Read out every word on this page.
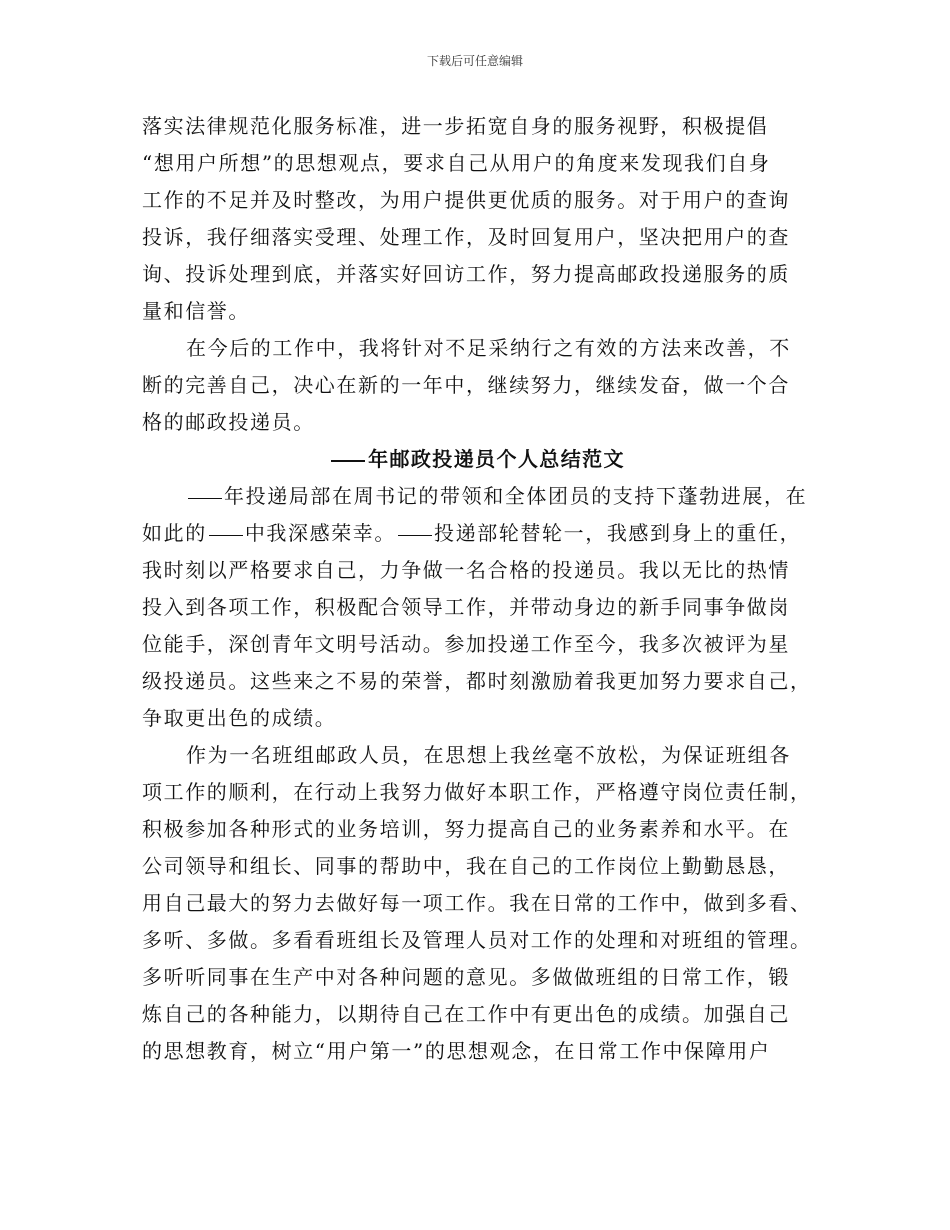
下载后可任意编辑
落实法律规范化服务标准，进一步拓宽自身的服务视野，积极提倡
“想用户所想”的思想观点，要求自己从用户的角度来发现我们自身
工作的不足并及时整改，为用户提供更优质的服务。对于用户的查询
投诉，我仔细落实受理、处理工作，及时回复用户，坚决把用户的查
询、投诉处理到底，并落实好回访工作，努力提高邮政投递服务的质
量和信誉。
在今后的工作中，我将针对不足采纳行之有效的方法来改善，不
断的完善自己，决心在新的一年中，继续努力，继续发奋，做一个合
格的邮政投递员。
年邮政投递员个人总结范文
年投递局部在周书记的带领和全体团员的支持下蓬勃进展，在
如此的 中我深感荣幸。 投递部轮替轮一，我感到身上的重任，
我时刻以严格要求自己，力争做一名合格的投递员。我以无比的热情
投入到各项工作，积极配合领导工作，并带动身边的新手同事争做岗
位能手，深创青年文明号活动。参加投递工作至今，我多次被评为星
级投递员。这些来之不易的荣誉，都时刻激励着我更加努力要求自己，
争取更出色的成绩。
作为一名班组邮政人员，在思想上我丝毫不放松，为保证班组各
项工作的顺利，在行动上我努力做好本职工作，严格遵守岗位责任制，
积极参加各种形式的业务培训，努力提高自己的业务素养和水平。在
公司领导和组长、同事的帮助中，我在自己的工作岗位上勤勤恳恳，
用自己最大的努力去做好每一项工作。我在日常的工作中，做到多看、
多听、多做。多看看班组长及管理人员对工作的处理和对班组的管理。
多听听同事在生产中对各种问题的意见。多做做班组的日常工作，锻
炼自己的各种能力，以期待自己在工作中有更出色的成绩。加强自己
的思想教育，树立“用户第一”的思想观念，在日常工作中保障用户
